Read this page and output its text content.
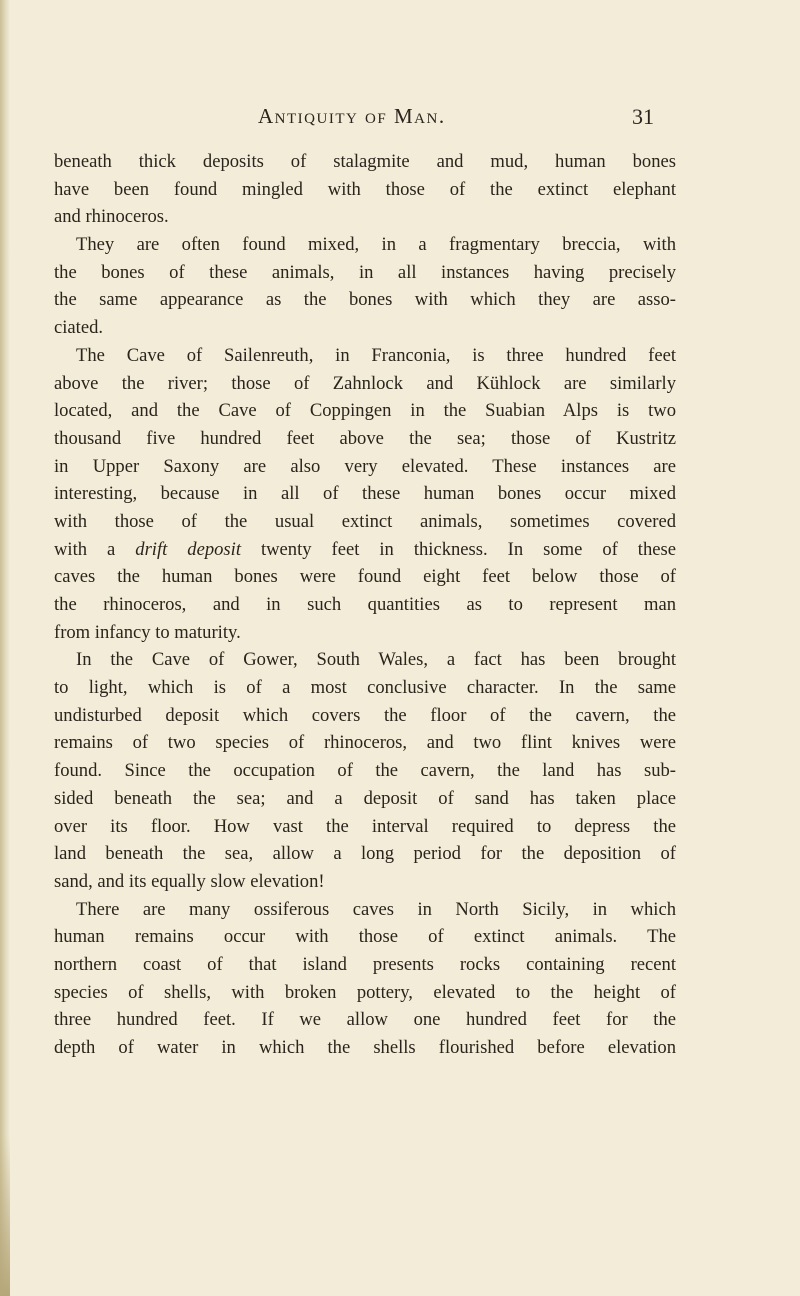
Antiquity of Man.	31
beneath thick deposits of stalagmite and mud, human bones
have been found mingled with those of the extinct elephant
and rhinoceros.
They are often found mixed, in a fragmentary breccia, with
the bones of these animals, in all instances having precisely
the same appearance as the bones with which they are asso-
ciated.
The Cave of Sailenreuth, in Franconia, is three hundred feet
above the river; those of Zahnlock and Kühlock are similarly
located, and the Cave of Coppingen in the Suabian Alps is two
thousand five hundred feet above the sea; those of Kustritz
in Upper Saxony are also very elevated. These instances are
interesting, because in all of these human bones occur mixed
with those of the usual extinct animals, sometimes covered
with a drift deposit twenty feet in thickness. In some of these
caves the human bones were found eight feet below those of
the rhinoceros, and in such quantities as to represent man
from infancy to maturity.
In the Cave of Gower, South Wales, a fact has been brought
to light, which is of a most conclusive character. In the same
undisturbed deposit which covers the floor of the cavern, the
remains of two species of rhinoceros, and two flint knives were
found. Since the occupation of the cavern, the land has sub-
sided beneath the sea; and a deposit of sand has taken place
over its floor. How vast the interval required to depress the
land beneath the sea, allow a long period for the deposition of
sand, and its equally slow elevation!
There are many ossiferous caves in North Sicily, in which
human remains occur with those of extinct animals. The
northern coast of that island presents rocks containing recent
species of shells, with broken pottery, elevated to the height of
three hundred feet. If we allow one hundred feet for the
depth of water in which the shells flourished before elevation
